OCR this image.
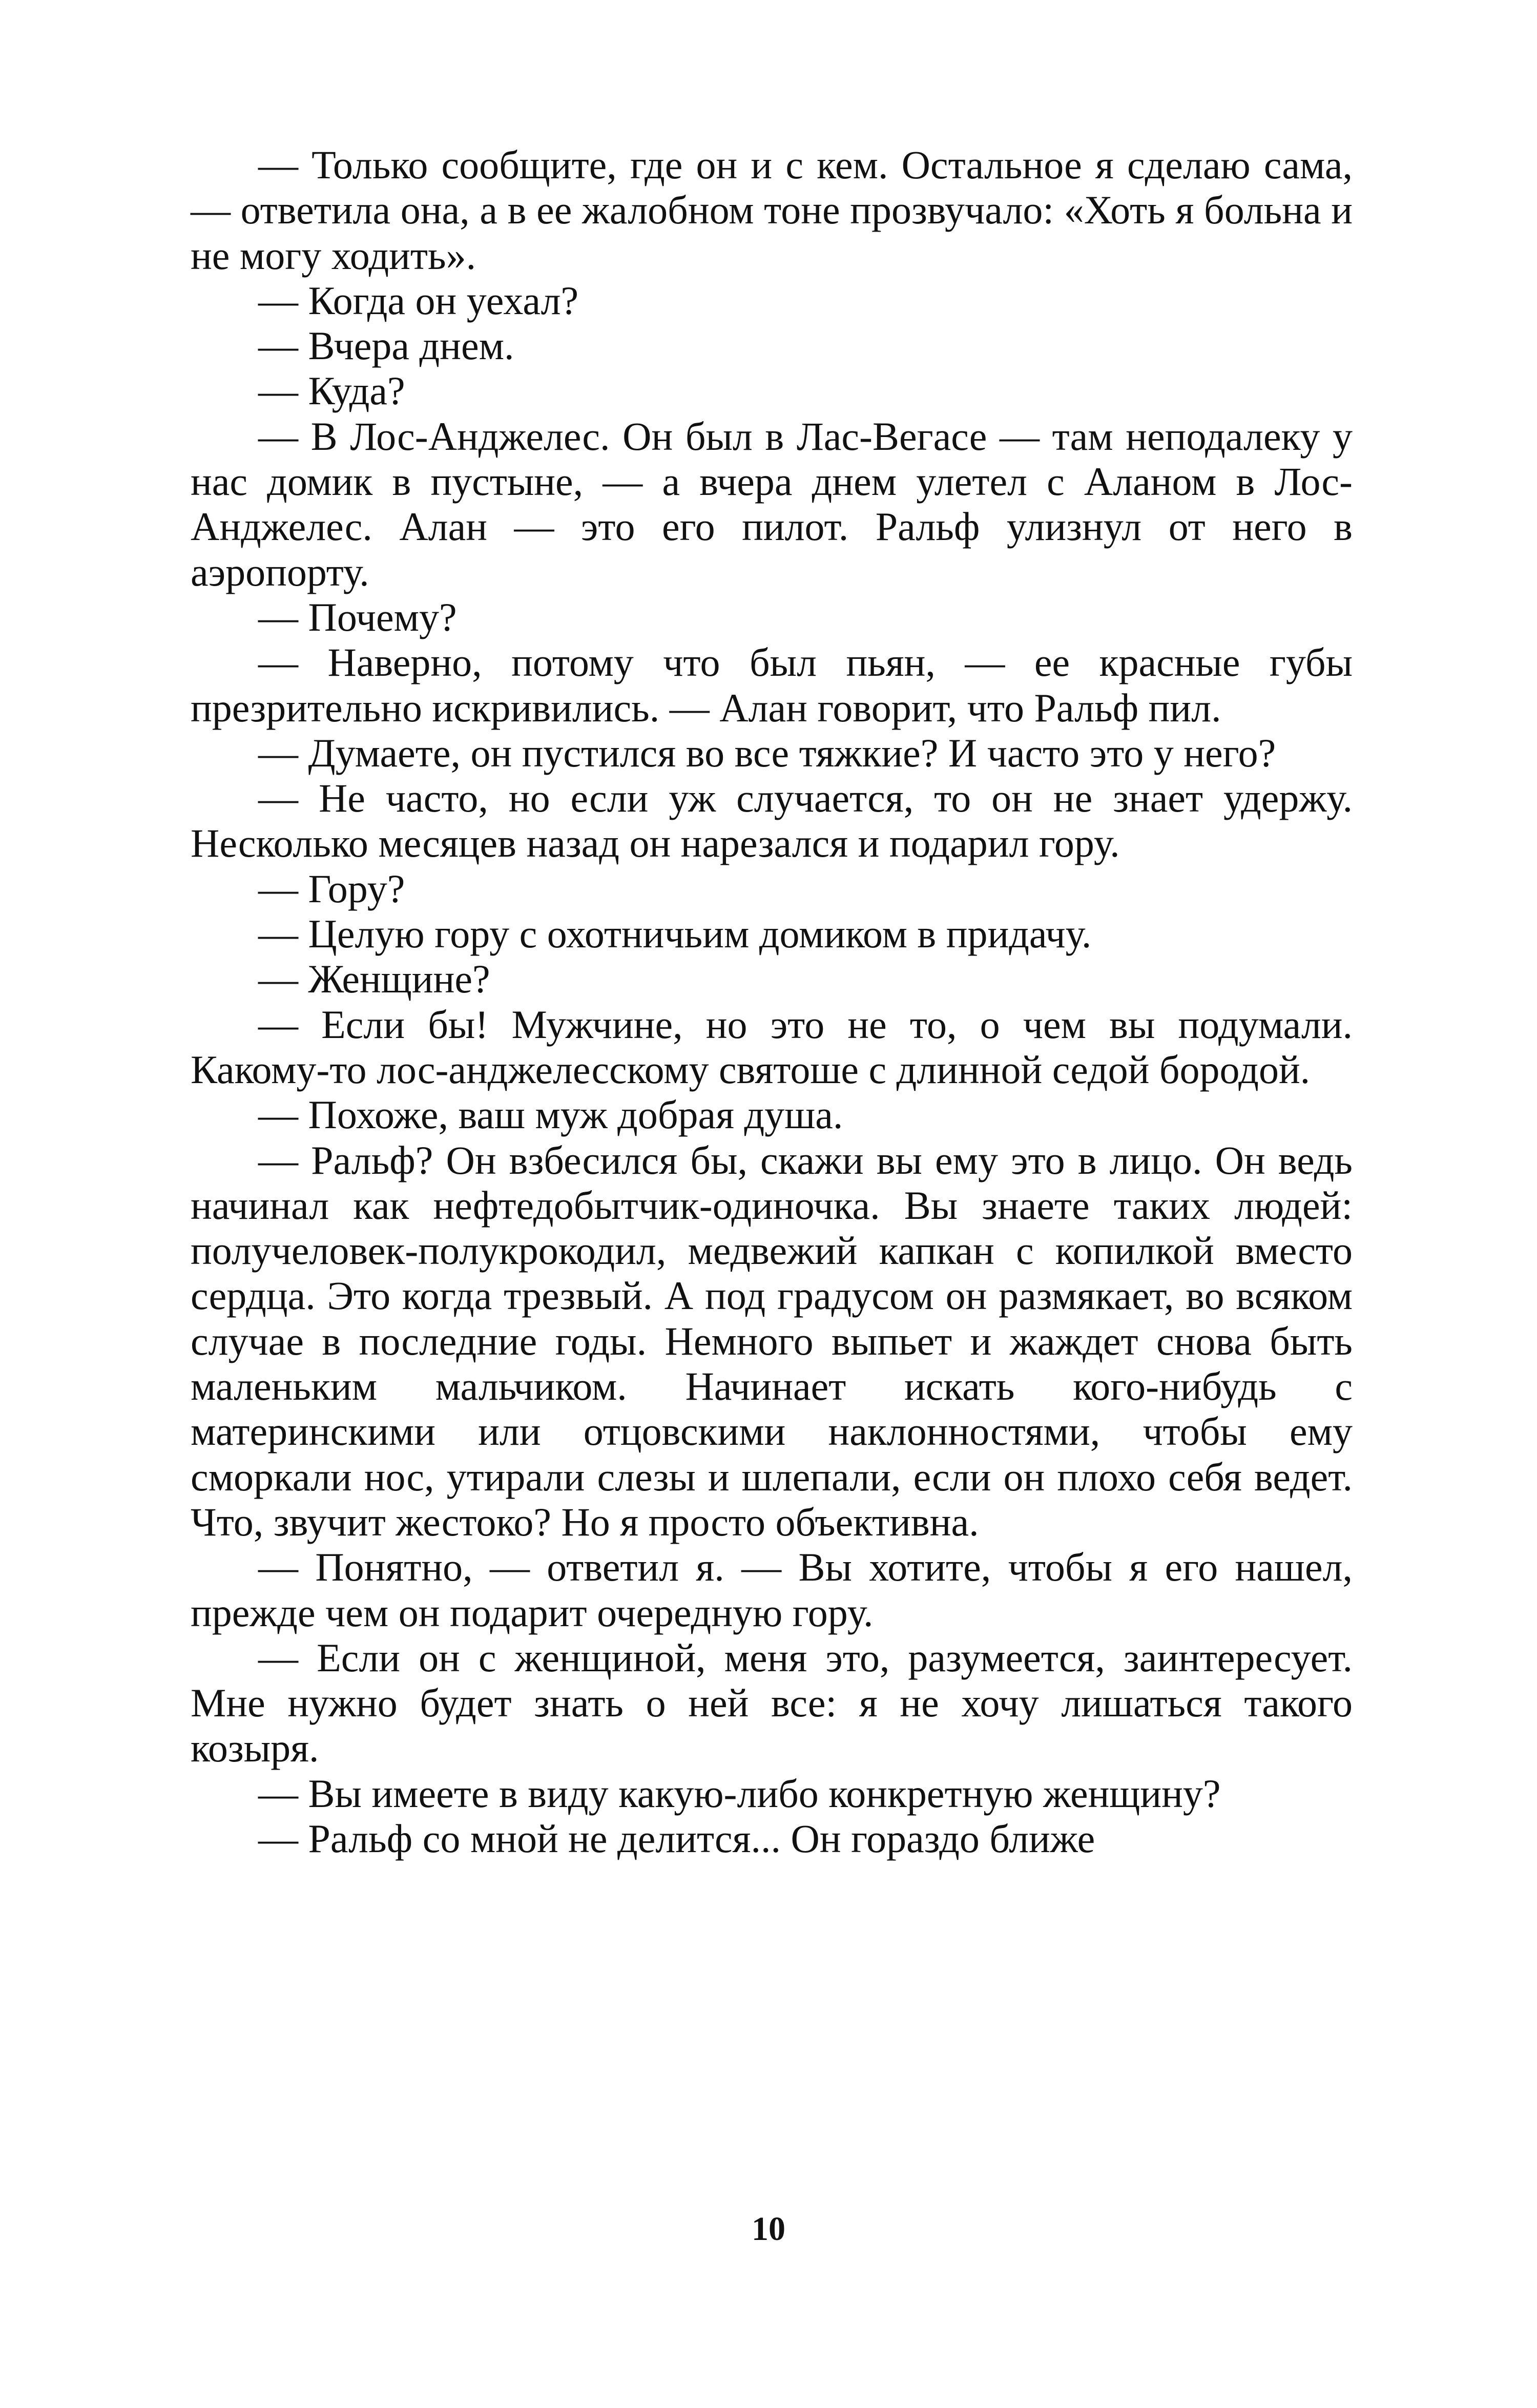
— Только сообщите, где он и с кем. Остальное я сделаю сама, — ответила она, а в ее жалобном тоне прозвучало: «Хоть я больна и не могу ходить».

— Когда он уехал?

— Вчера днем.

— Куда?

— В Лос-Анджелес. Он был в Лас-Вегасе — там неподалеку у нас домик в пустыне, — а вчера днем улетел с Аланом в Лос-Анджелес. Алан — это его пилот. Ральф улизнул от него в аэропорту.

— Почему?

— Наверно, потому что был пьян, — ее красные губы презрительно искривились. — Алан говорит, что Ральф пил.

— Думаете, он пустился во все тяжкие? И часто это у него?

— Не часто, но если уж случается, то он не знает удержу. Несколько месяцев назад он нарезался и подарил гору.

— Гору?

— Целую гору с охотничьим домиком в придачу.

— Женщине?

— Если бы! Мужчине, но это не то, о чем вы подумали. Какому-то лос-анджелесскому святоше с длинной седой бородой.

— Похоже, ваш муж добрая душа.

— Ральф? Он взбесился бы, скажи вы ему это в лицо. Он ведь начинал как нефтедобытчик-одиночка. Вы знаете таких людей: получеловек-полукрокодил, медвежий капкан с копилкой вместо сердца. Это когда трезвый. А под градусом он размякает, во всяком случае в последние годы. Немного выпьет и жаждет снова быть маленьким мальчиком. Начинает искать кого-нибудь с материнскими или отцовскими наклонностями, чтобы ему сморкали нос, утирали слезы и шлепали, если он плохо себя ведет. Что, звучит жестоко? Но я просто объективна.

— Понятно, — ответил я. — Вы хотите, чтобы я его нашел, прежде чем он подарит очередную гору.

— Если он с женщиной, меня это, разумеется, заинтересует. Мне нужно будет знать о ней все: я не хочу лишаться такого козыря.

— Вы имеете в виду какую-либо конкретную женщину?

— Ральф со мной не делится... Он гораздо ближе

10
